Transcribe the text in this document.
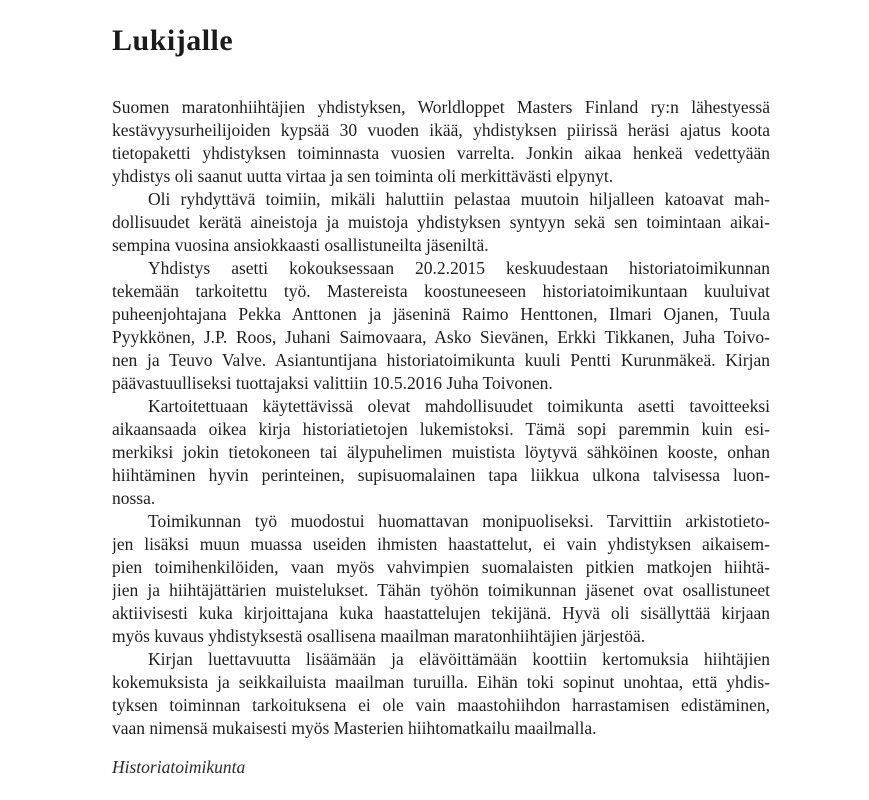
Lukijalle
Suomen maratonhiihtäjien yhdistyksen, Worldloppet Masters Finland ry:n lähestyessä
kestävyysurheilijoiden kypsää 30 vuoden ikää, yhdistyksen piirissä heräsi ajatus koota
tietopaketti yhdistyksen toiminnasta vuosien varrelta. Jonkin aikaa henkeä vedettyään
yhdistys oli saanut uutta virtaa ja sen toiminta oli merkittävästi elpynyt.
Oli ryhdyttävä toimiin, mikäli haluttiin pelastaa muutoin hiljalleen katoavat mah-
dollisuudet kerätä aineistoja ja muistoja yhdistyksen syntyyn sekä sen toimintaan aikai-
sempina vuosina ansiokkaasti osallistuneilta jäseniltä.
Yhdistys asetti kokouksessaan 20.2.2015 keskuudestaan historiatoimikunnan
tekemään tarkoitettu työ. Mastereista koostuneeseen historiatoimikuntaan kuuluivat
puheenjohtajana Pekka Anttonen ja jäseninä Raimo Henttonen, Ilmari Ojanen, Tuula
Pyykkönen, J.P. Roos, Juhani Saimovaara, Asko Sievänen, Erkki Tikkanen, Juha Toivo-
nen ja Teuvo Valve. Asiantuntijana historiatoimikunta kuuli Pentti Kurunmäkeä. Kirjan
päävastuulliseksi tuottajaksi valittiin 10.5.2016 Juha Toivonen.
Kartoitettuaan käytettävissä olevat mahdollisuudet toimikunta asetti tavoitteeksi
aikaansaada oikea kirja historiatietojen lukemistoksi. Tämä sopi paremmin kuin esi-
merkiksi jokin tietokoneen tai älypuhelimen muistista löytyvä sähköinen kooste, onhan
hiihtäminen hyvin perinteinen, supisuomalainen tapa liikkua ulkona talvisessa luon-
nossa.
Toimikunnan työ muodostui huomattavan monipuoliseksi. Tarvittiin arkistotieto-
jen lisäksi muun muassa useiden ihmisten haastattelut, ei vain yhdistyksen aikaisem-
pien toimihenkilöiden, vaan myös vahvimpien suomalaisten pitkien matkojen hiihtä-
jien ja hiihtäjättärien muistelukset. Tähän työhön toimikunnan jäsenet ovat osallistuneet
aktiivisesti kuka kirjoittajana kuka haastattelujen tekijänä. Hyvä oli sisällyttää kirjaan
myös kuvaus yhdistyksestä osallisena maailman maratonhiihtäjien järjestöä.
Kirjan luettavuutta lisäämään ja elävöittämään koottiin kertomuksia hiihtäjien
kokemuksista ja seikkailuista maailman turuilla. Eihän toki sopinut unohtaa, että yhdis-
tyksen toiminnan tarkoituksena ei ole vain maastohiihdon harrastamisen edistäminen,
vaan nimensä mukaisesti myös Masterien hiihtomatkailu maailmalla.
Historiatoimikunta
